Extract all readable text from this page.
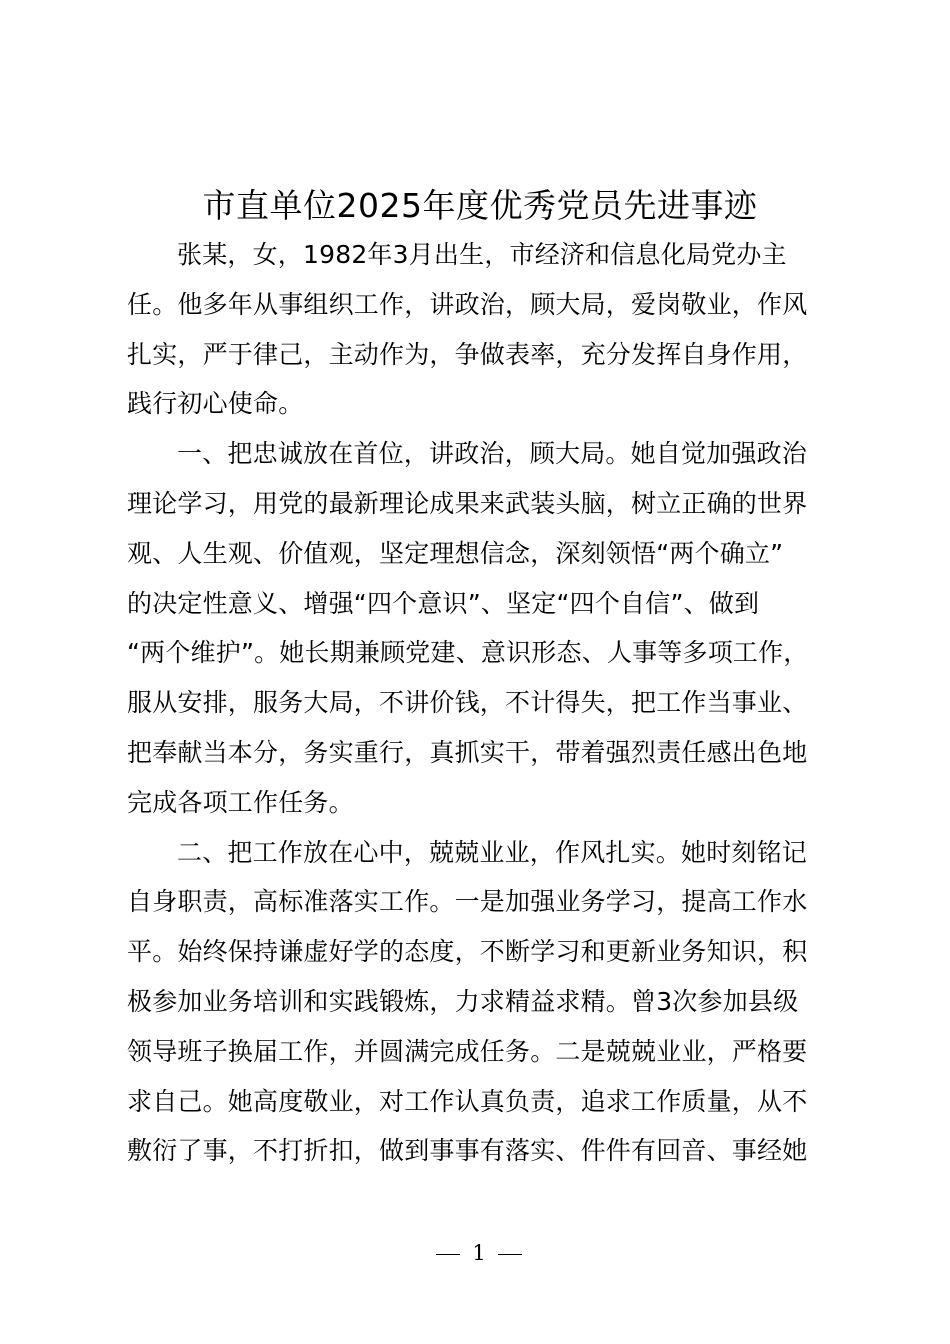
市直单位2025年度优秀党员先进事迹

张某，女，1982年3月出生，市经济和信息化局党办主
任。他多年从事组织工作，讲政治，顾大局，爱岗敬业，作风
扎实，严于律己，主动作为，争做表率，充分发挥自身作用，
践行初心使命。

一、把忠诚放在首位，讲政治，顾大局。她自觉加强政治
理论学习，用党的最新理论成果来武装头脑，树立正确的世界
观、人生观、价值观，坚定理想信念，深刻领悟“两个确立”
的决定性意义、增强“四个意识”、坚定“四个自信”、做到
“两个维护”。她长期兼顾党建、意识形态、人事等多项工作，
服从安排，服务大局，不讲价钱，不计得失，把工作当事业、
把奉献当本分，务实重行，真抓实干，带着强烈责任感出色地
完成各项工作任务。

二、把工作放在心中，兢兢业业，作风扎实。她时刻铭记
自身职责，高标准落实工作。一是加强业务学习，提高工作水
平。始终保持谦虚好学的态度，不断学习和更新业务知识，积
极参加业务培训和实践锻炼，力求精益求精。曾3次参加县级
领导班子换届工作，并圆满完成任务。二是兢兢业业，严格要
求自己。她高度敬业，对工作认真负责，追求工作质量，从不
敷衍了事，不打折扣，做到事事有落实、件件有回音、事经她

1
